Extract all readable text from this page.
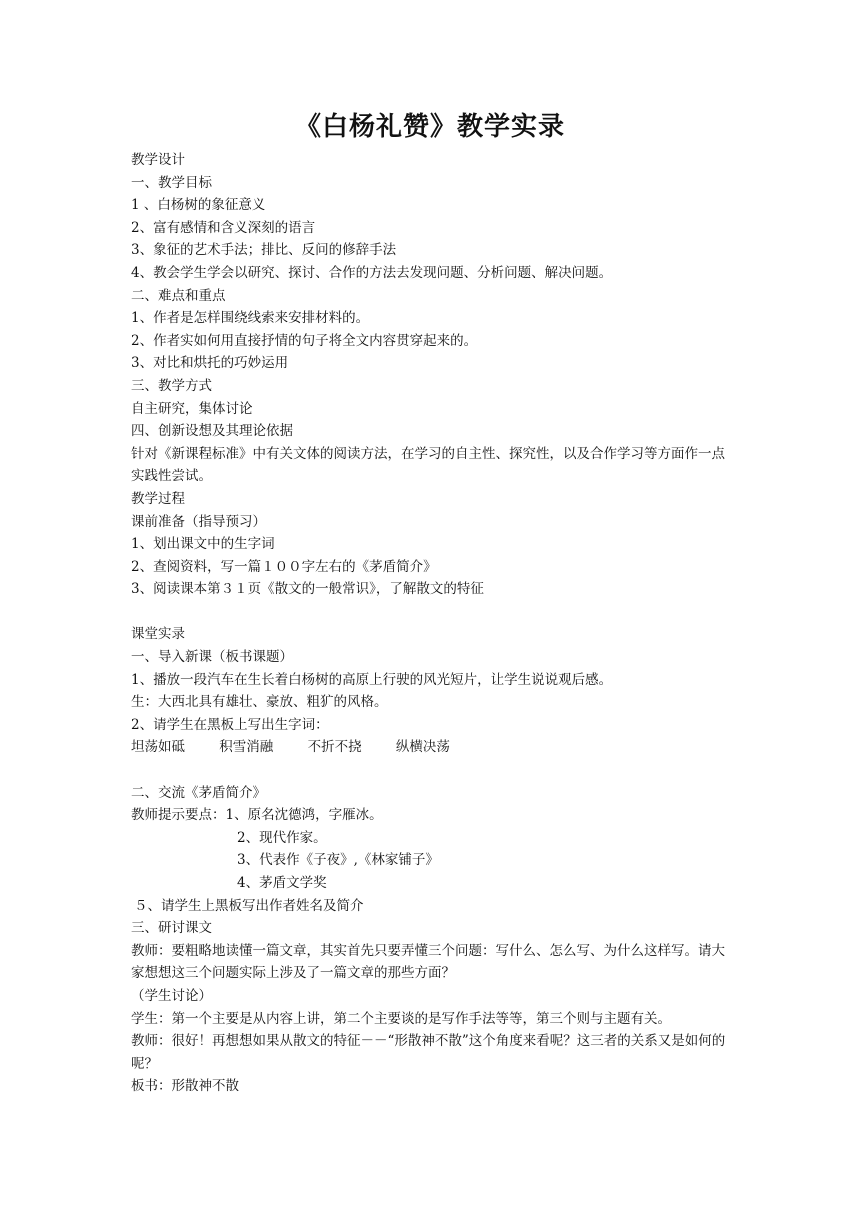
《白杨礼赞》教学实录

教学设计

一、教学目标

1 、白杨树的象征意义

2、富有感情和含义深刻的语言

3、象征的艺术手法；排比、反问的修辞手法

4、教会学生学会以研究、探讨、合作的方法去发现问题、分析问题、解决问题。

二、难点和重点

1、作者是怎样围绕线索来安排材料的。

2、作者实如何用直接抒情的句子将全文内容贯穿起来的。

3、对比和烘托的巧妙运用

三、教学方式

自主研究，集体讨论

四、创新设想及其理论依据

针对《新课程标准》中有关文体的阅读方法，在学习的自主性、探究性，以及合作学习等方面作一点实践性尝试。

教学过程

课前准备（指导预习）

1、划出课文中的生字词

2、查阅资料，写一篇１００字左右的《茅盾简介》

3、阅读课本第３１页《散文的一般常识》，了解散文的特征

课堂实录

一、导入新课（板书课题）

1、播放一段汽车在生长着白杨树的高原上行驶的风光短片，让学生说说观后感。

生：大西北具有雄壮、豪放、粗犷的风格。

2、请学生在黑板上写出生字词：

坦荡如砥	积雪消融	不折不挠	纵横决荡

二、交流《茅盾简介》

教师提示要点：1、原名沈德鸿，字雁冰。

2、现代作家。

3、代表作《子夜》,《林家铺子》

4、茅盾文学奖

５、请学生上黑板写出作者姓名及简介

三、研讨课文

教师：要粗略地读懂一篇文章，其实首先只要弄懂三个问题：写什么、怎么写、为什么这样写。请大家想想这三个问题实际上涉及了一篇文章的那些方面？

（学生讨论）

学生：第一个主要是从内容上讲，第二个主要谈的是写作手法等等，第三个则与主题有关。

教师：很好！再想想如果从散文的特征－－“形散神不散”这个角度来看呢？这三者的关系又是如何的呢？

板书：形散神不散
